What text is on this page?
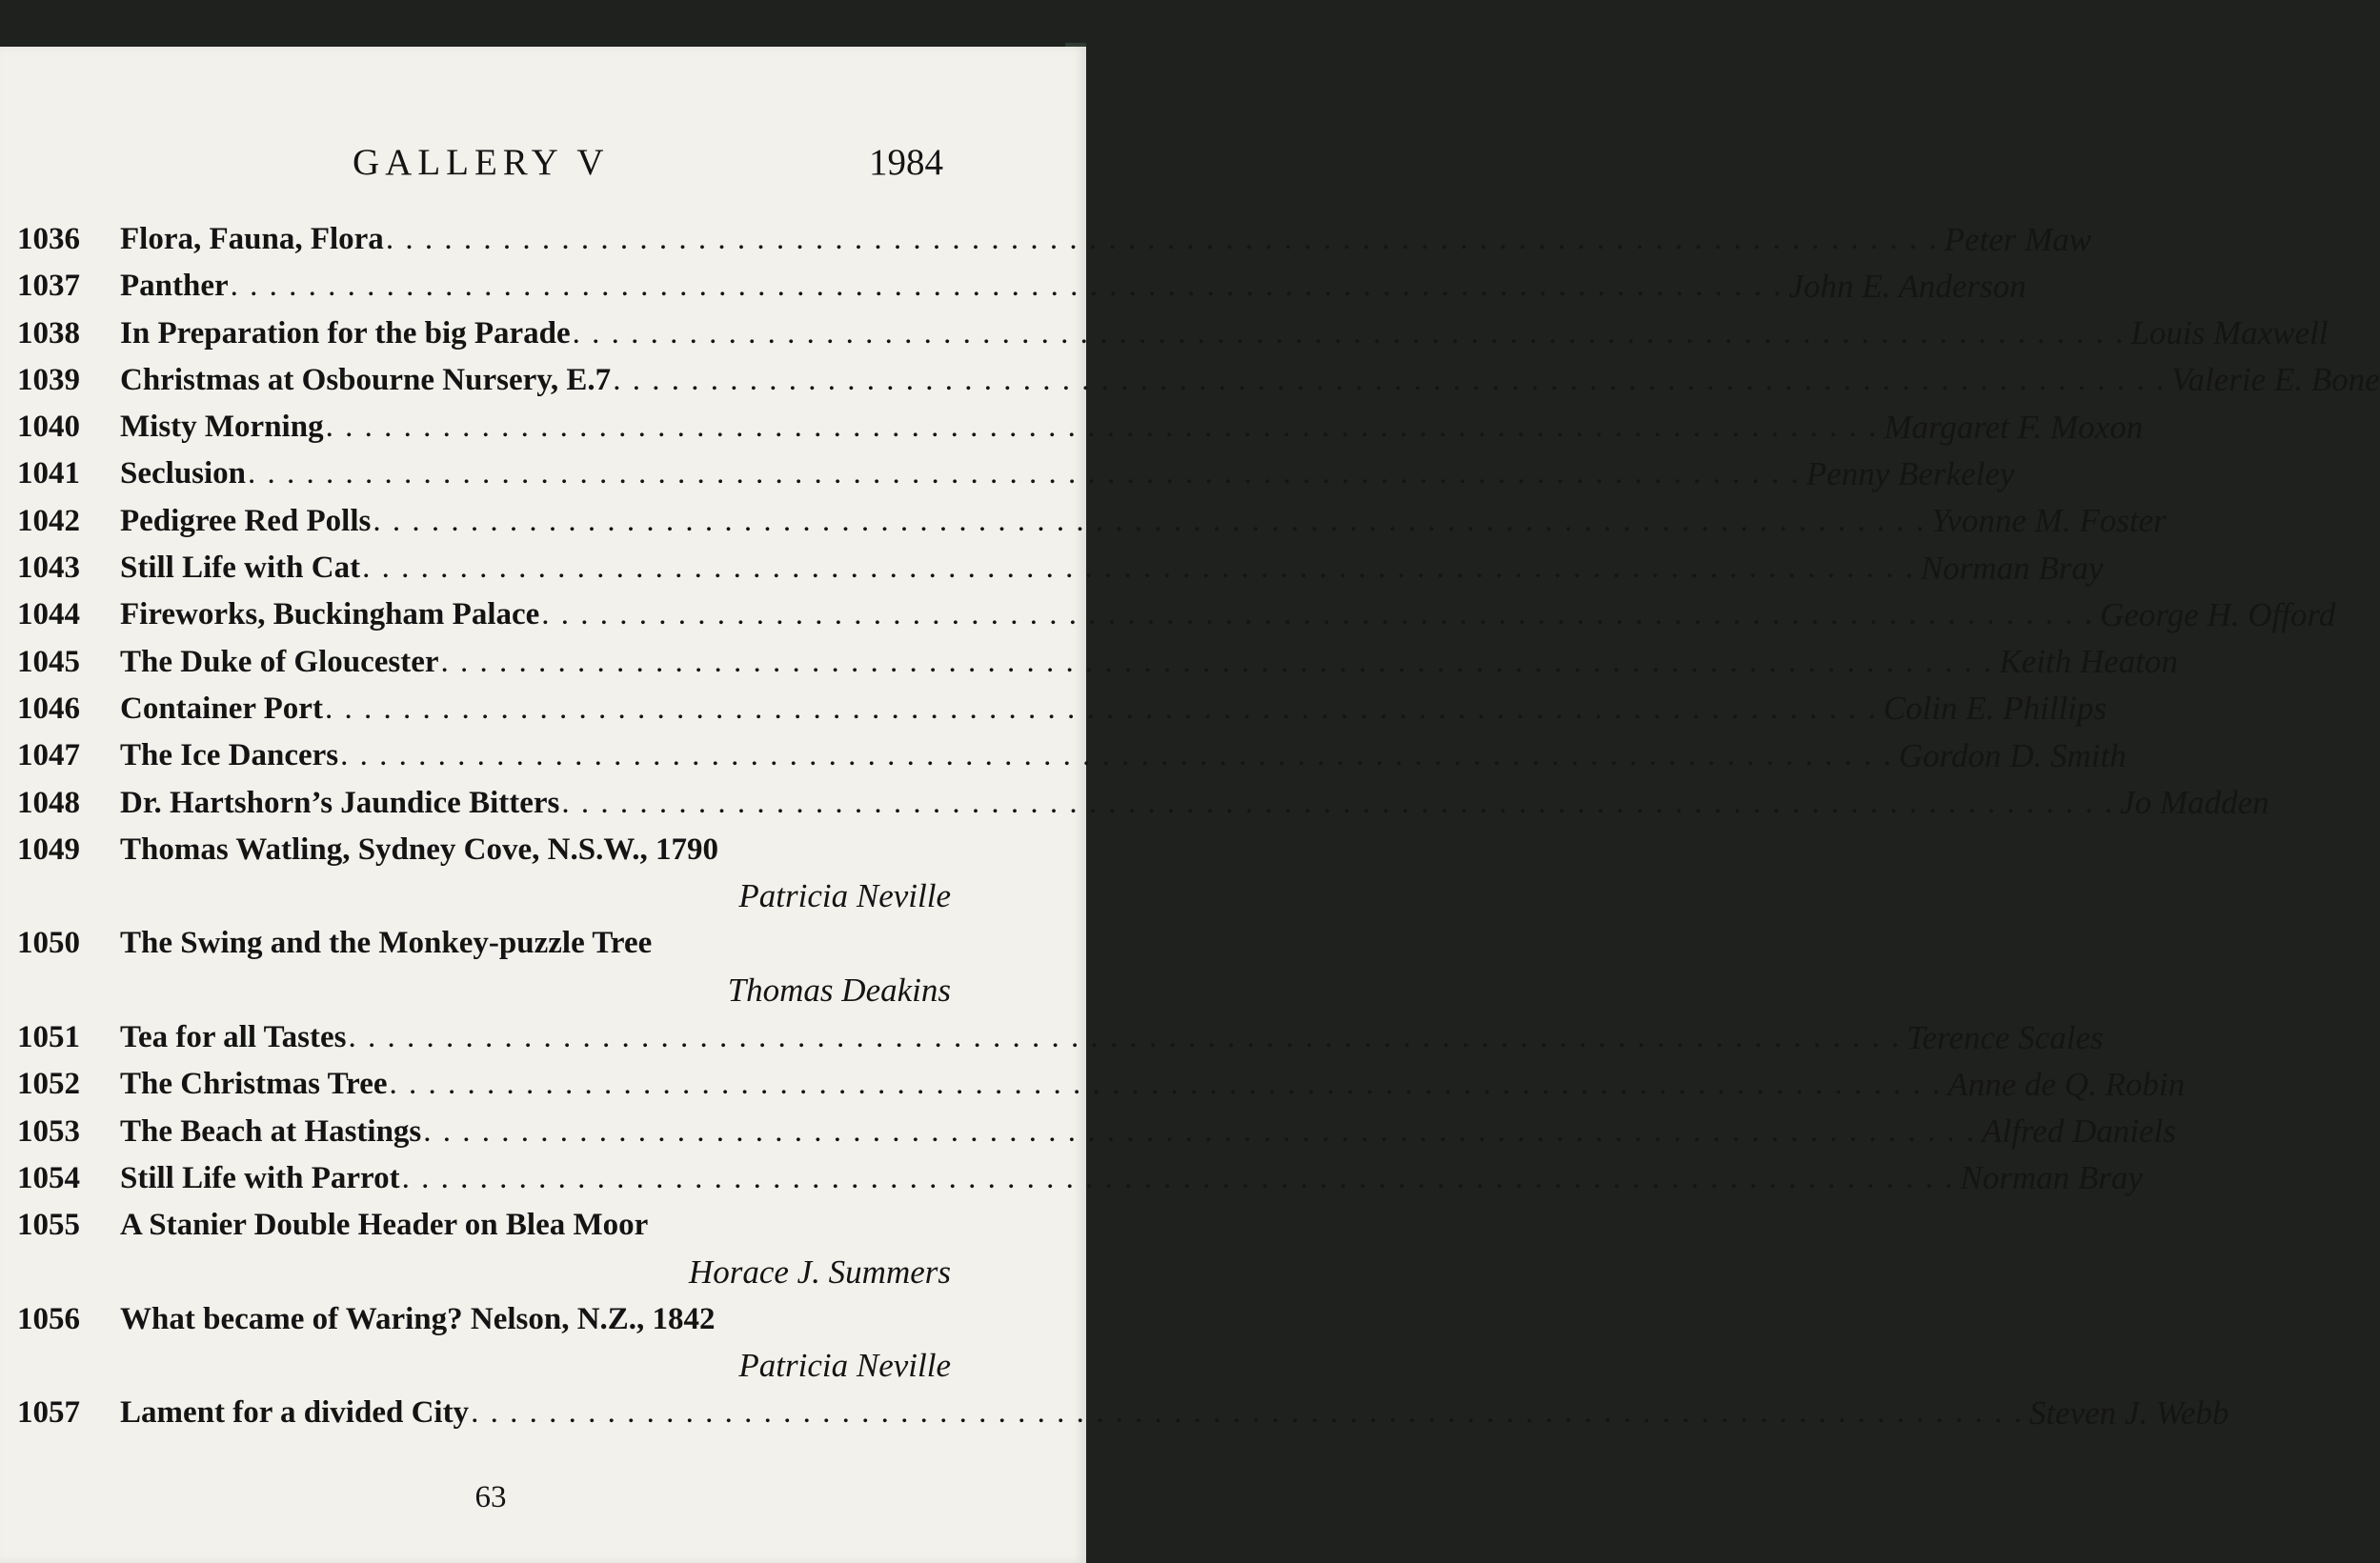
GALLERY V	1984
1036	Flora, Fauna, Flora . . . . . . . . . . . . . . . . . . . . . . . . . . . . . . . . . . . . . . . . . . . . . . . . . . . . . . . . . . . . . . . . . . . . . . . . . . . . . . . . Peter Maw
1037	Panther . . . . . . . . . . . . . . . . . . . . . . . . . . . . . . . . . . . . . . . . . . . . . . . . . . . . . . . . . . . . . . . . . . . . . . . . . . . . . . . . John E. Anderson
1038	In Preparation for the big Parade . . . . . . . . . . . . . . . . . . . . . . . . . . . . . . . . . . . . . . . . . . . . . . . . . . . . . . . . . . . . . . . . . . . . . . . . . . . . . . . . Louis Maxwell
1039	Christmas at Osbourne Nursery, E.7 . . . . . . . . . . . . . . . . . . . . . . . . . . . . . . . . . . . . . . . . . . . . . . . . . . . . . . . . . . . . . . . . . . . . . . . . . . . . . . . . Valerie E. Bone
1040	Misty Morning . . . . . . . . . . . . . . . . . . . . . . . . . . . . . . . . . . . . . . . . . . . . . . . . . . . . . . . . . . . . . . . . . . . . . . . . . . . . . . . . Margaret F. Moxon
1041	Seclusion . . . . . . . . . . . . . . . . . . . . . . . . . . . . . . . . . . . . . . . . . . . . . . . . . . . . . . . . . . . . . . . . . . . . . . . . . . . . . . . . Penny Berkeley
1042	Pedigree Red Polls . . . . . . . . . . . . . . . . . . . . . . . . . . . . . . . . . . . . . . . . . . . . . . . . . . . . . . . . . . . . . . . . . . . . . . . . . . . . . . . . Yvonne M. Foster
1043	Still Life with Cat . . . . . . . . . . . . . . . . . . . . . . . . . . . . . . . . . . . . . . . . . . . . . . . . . . . . . . . . . . . . . . . . . . . . . . . . . . . . . . . . Norman Bray
1044	Fireworks, Buckingham Palace . . . . . . . . . . . . . . . . . . . . . . . . . . . . . . . . . . . . . . . . . . . . . . . . . . . . . . . . . . . . . . . . . . . . . . . . . . . . . . . . George H. Offord
1045	The Duke of Gloucester . . . . . . . . . . . . . . . . . . . . . . . . . . . . . . . . . . . . . . . . . . . . . . . . . . . . . . . . . . . . . . . . . . . . . . . . . . . . . . . . Keith Heaton
1046	Container Port . . . . . . . . . . . . . . . . . . . . . . . . . . . . . . . . . . . . . . . . . . . . . . . . . . . . . . . . . . . . . . . . . . . . . . . . . . . . . . . . Colin E. Phillips
1047	The Ice Dancers . . . . . . . . . . . . . . . . . . . . . . . . . . . . . . . . . . . . . . . . . . . . . . . . . . . . . . . . . . . . . . . . . . . . . . . . . . . . . . . . Gordon D. Smith
1048	Dr. Hartshorn’s Jaundice Bitters . . . . . . . . . . . . . . . . . . . . . . . . . . . . . . . . . . . . . . . . . . . . . . . . . . . . . . . . . . . . . . . . . . . . . . . . . . . . . . . . Jo Madden
1049	Thomas Watling, Sydney Cove, N.S.W., 1790
Patricia Neville
1050	The Swing and the Monkey-puzzle Tree
Thomas Deakins
1051	Tea for all Tastes . . . . . . . . . . . . . . . . . . . . . . . . . . . . . . . . . . . . . . . . . . . . . . . . . . . . . . . . . . . . . . . . . . . . . . . . . . . . . . . . Terence Scales
1052	The Christmas Tree . . . . . . . . . . . . . . . . . . . . . . . . . . . . . . . . . . . . . . . . . . . . . . . . . . . . . . . . . . . . . . . . . . . . . . . . . . . . . . . . Anne de Q. Robin
1053	The Beach at Hastings . . . . . . . . . . . . . . . . . . . . . . . . . . . . . . . . . . . . . . . . . . . . . . . . . . . . . . . . . . . . . . . . . . . . . . . . . . . . . . . . Alfred Daniels
1054	Still Life with Parrot . . . . . . . . . . . . . . . . . . . . . . . . . . . . . . . . . . . . . . . . . . . . . . . . . . . . . . . . . . . . . . . . . . . . . . . . . . . . . . . . Norman Bray
1055	A Stanier Double Header on Blea Moor
Horace J. Summers
1056	What became of Waring? Nelson, N.Z., 1842
Patricia Neville
1057	Lament for a divided City . . . . . . . . . . . . . . . . . . . . . . . . . . . . . . . . . . . . . . . . . . . . . . . . . . . . . . . . . . . . . . . . . . . . . . . . . . . . . . . . Steven J. Webb
63
